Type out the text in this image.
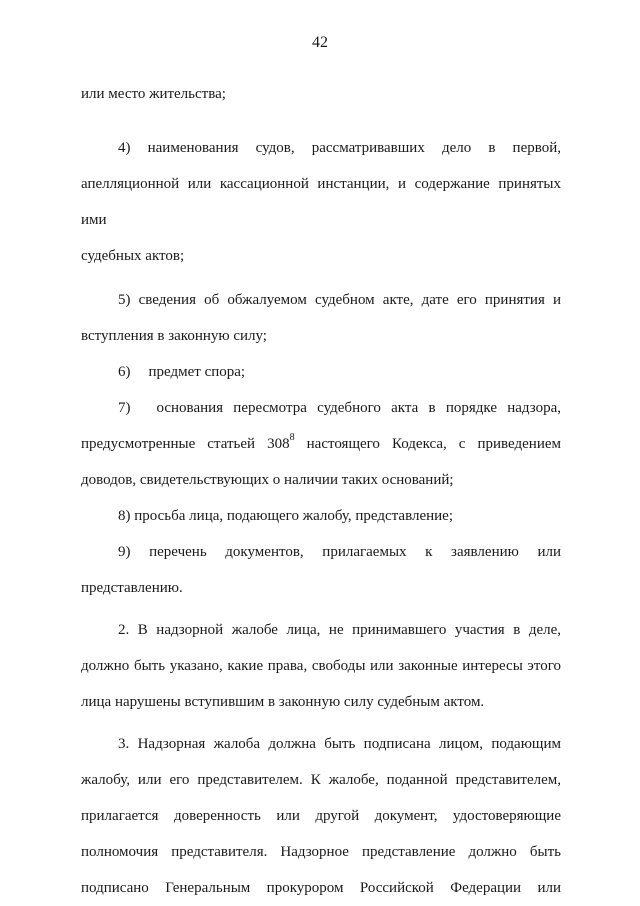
42

или место жительства;

4) наименования судов, рассматривавших дело в первой,

апелляционной или кассационной инстанции, и содержание принятых ими

судебных актов;

5) сведения об обжалуемом судебном акте, дате его принятия и

вступления в законную силу;

6) предмет спора;

7) основания пересмотра судебного акта в порядке надзора,

предусмотренные статьей $308^8$ настоящего Кодекса, с приведением

доводов, свидетельствующих о наличии таких оснований;

8) просьба лица, подающего жалобу, представление;

9) перечень документов, прилагаемых к заявлению или

представлению.

2. В надзорной жалобе лица, не принимавшего участия в деле,

должно быть указано, какие права, свободы или законные интересы этого

лица нарушены вступившим в законную силу судебным актом.

3. Надзорная жалоба должна быть подписана лицом, подающим

жалобу, или его представителем. К жалобе, поданной представителем,

прилагается доверенность или другой документ, удостоверяющие

полномочия представителя. Надзорное представление должно быть

подписано Генеральным прокурором Российской Федерации или
